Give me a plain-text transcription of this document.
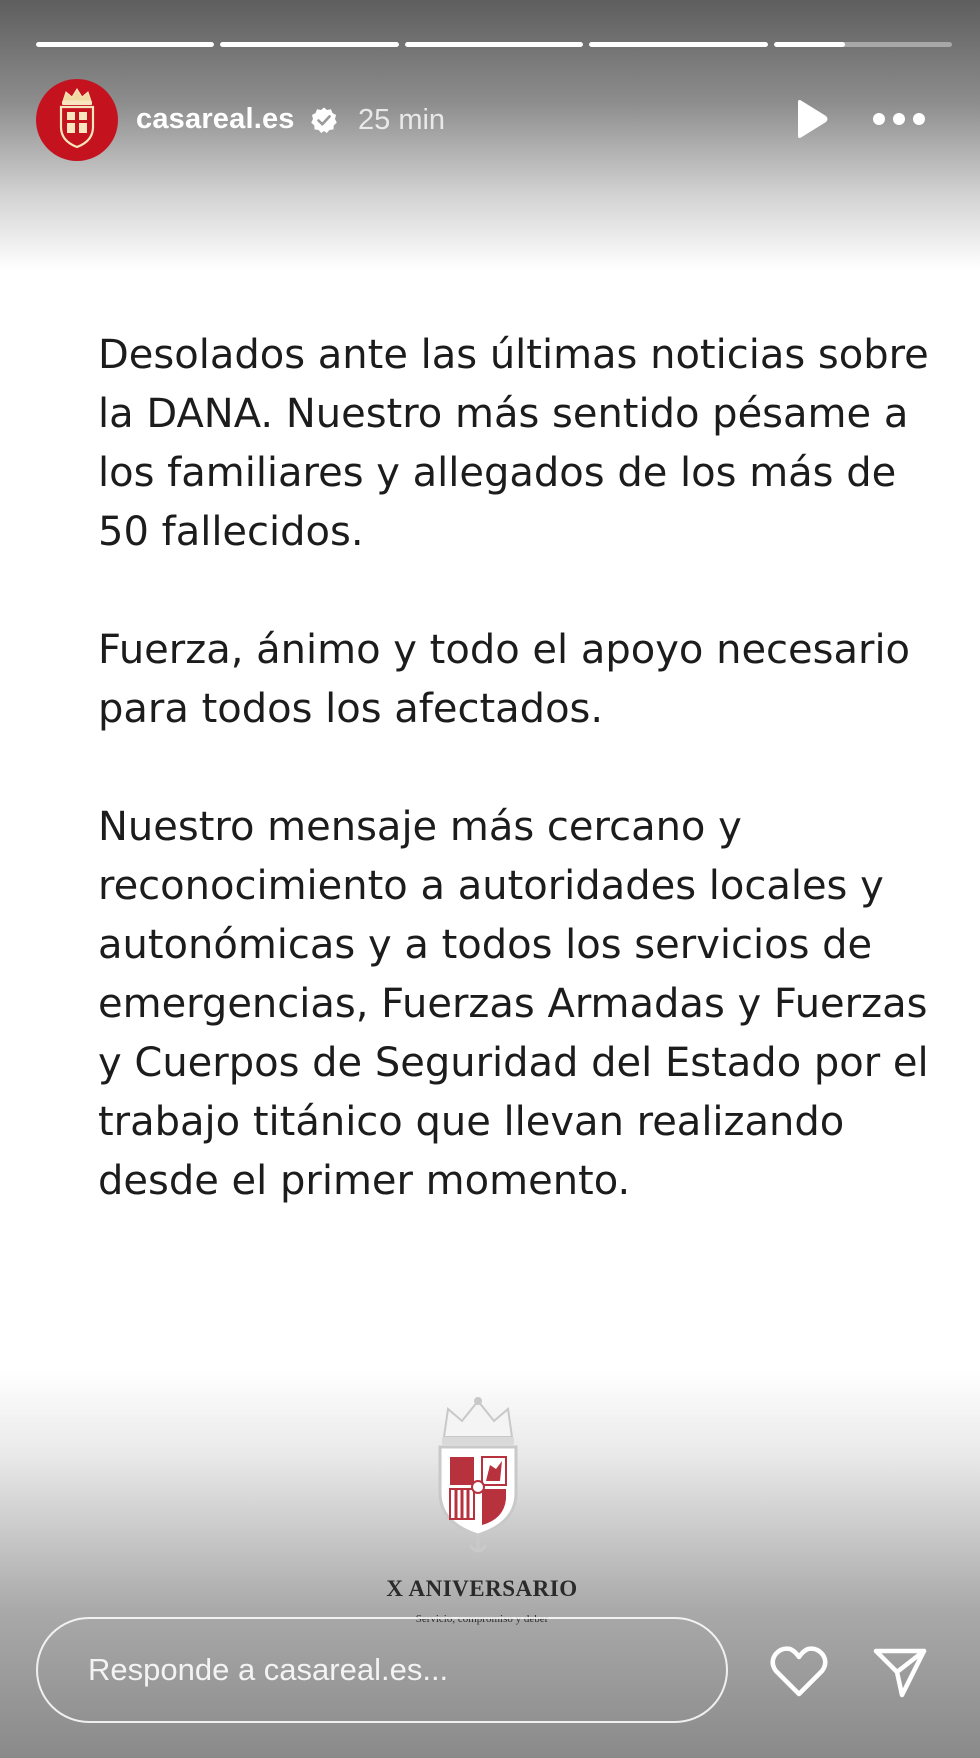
casareal.es 25 min

Desolados ante las últimas noticias sobre la DANA. Nuestro más sentido pésame a los familiares y allegados de los más de 50 fallecidos.

Fuerza, ánimo y todo el apoyo necesario para todos los afectados.

Nuestro mensaje más cercano y reconocimiento a autoridades locales y autonómicas y a todos los servicios de emergencias, Fuerzas Armadas y Fuerzas y Cuerpos de Seguridad del Estado por el trabajo titánico que llevan realizando desde el primer momento.

X ANIVERSARIO
Servicio, compromiso y deber
Responde a casareal.es...
